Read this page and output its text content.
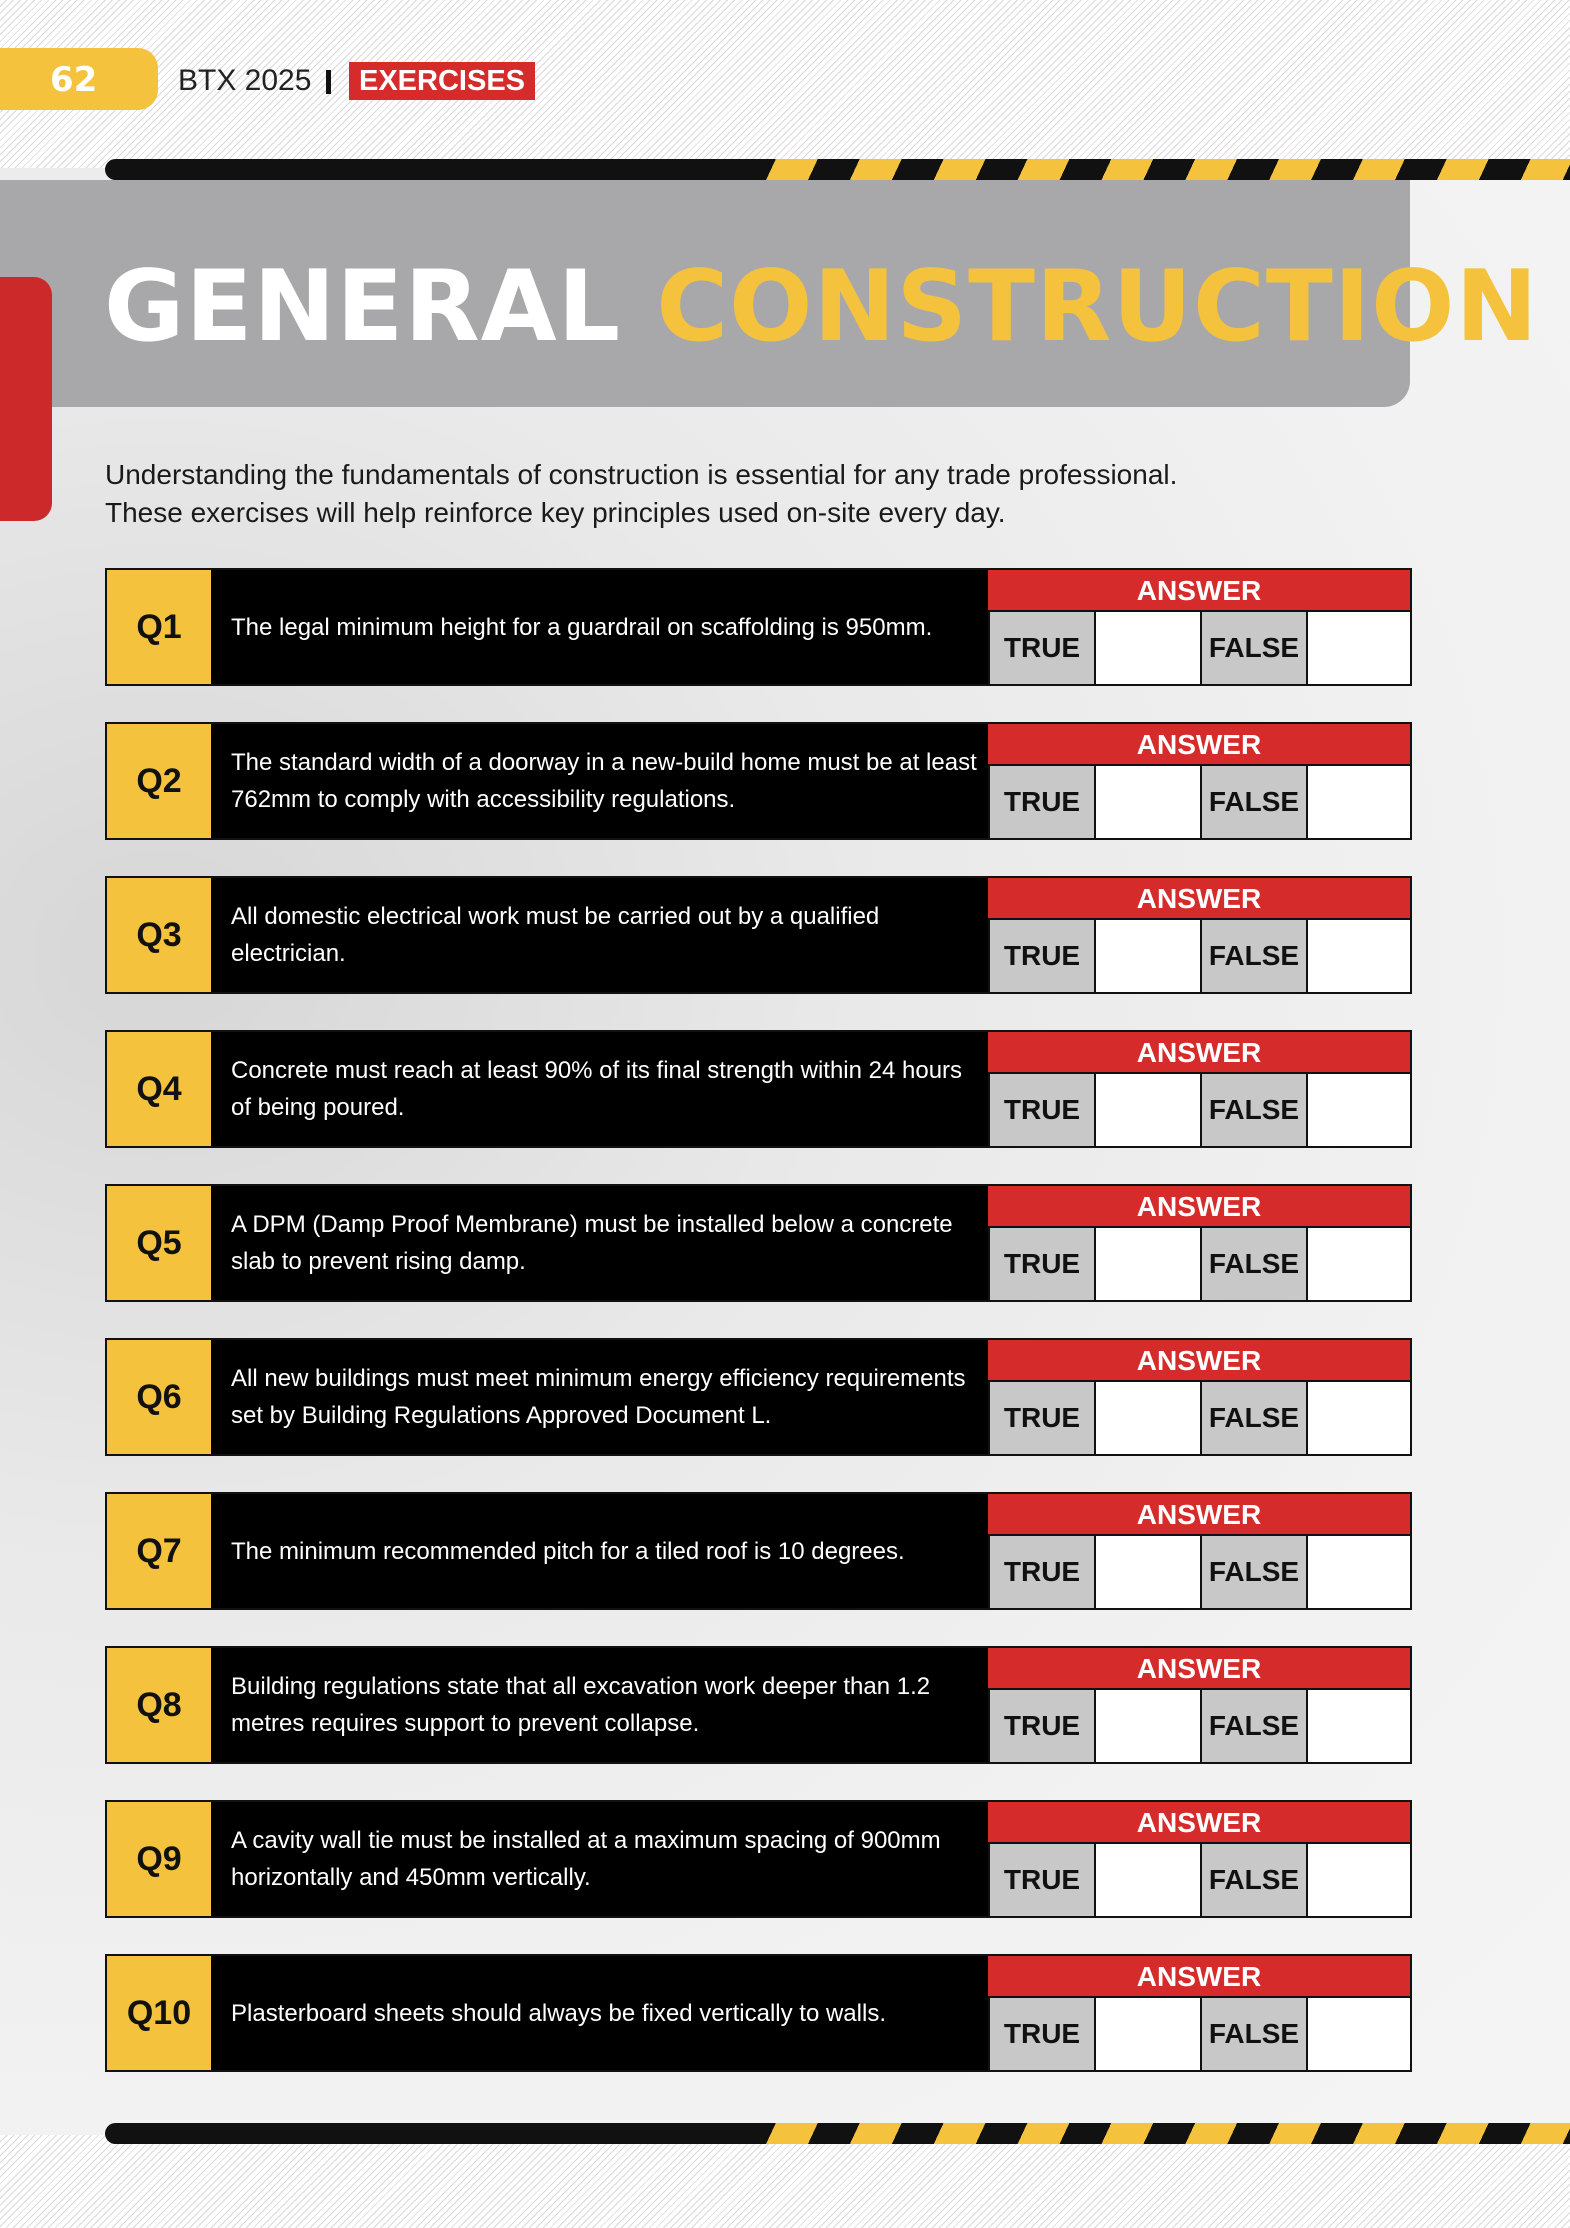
62	BTX 2025	EXERCISES
GENERAL CONSTRUCTION

Understanding the fundamentals of construction is essential for any trade professional.

These exercises will help reinforce key principles used on-site every day.

Q1	The legal minimum height for a guardrail on scaffolding is 950mm.
ANSWER
TRUE	FALSE
Q2	The standard width of a doorway in a new-build home must be at least 762mm to comply with accessibility regulations.
ANSWER
TRUE	FALSE
Q3	All domestic electrical work must be carried out by a qualified electrician.
ANSWER
TRUE	FALSE
Q4	Concrete must reach at least 90% of its final strength within 24 hours of being poured.
ANSWER
TRUE	FALSE
Q5	A DPM (Damp Proof Membrane) must be installed below a concrete slab to prevent rising damp.
ANSWER
TRUE	FALSE
Q6	All new buildings must meet minimum energy efficiency requirements set by Building Regulations Approved Document L.
ANSWER
TRUE	FALSE
Q7	The minimum recommended pitch for a tiled roof is 10 degrees.
ANSWER
TRUE	FALSE
Q8	Building regulations state that all excavation work deeper than 1.2 metres requires support to prevent collapse.
ANSWER
TRUE	FALSE
Q9	A cavity wall tie must be installed at a maximum spacing of 900mm horizontally and 450mm vertically.
ANSWER
TRUE	FALSE
Q10	Plasterboard sheets should always be fixed vertically to walls.
ANSWER
TRUE	FALSE
